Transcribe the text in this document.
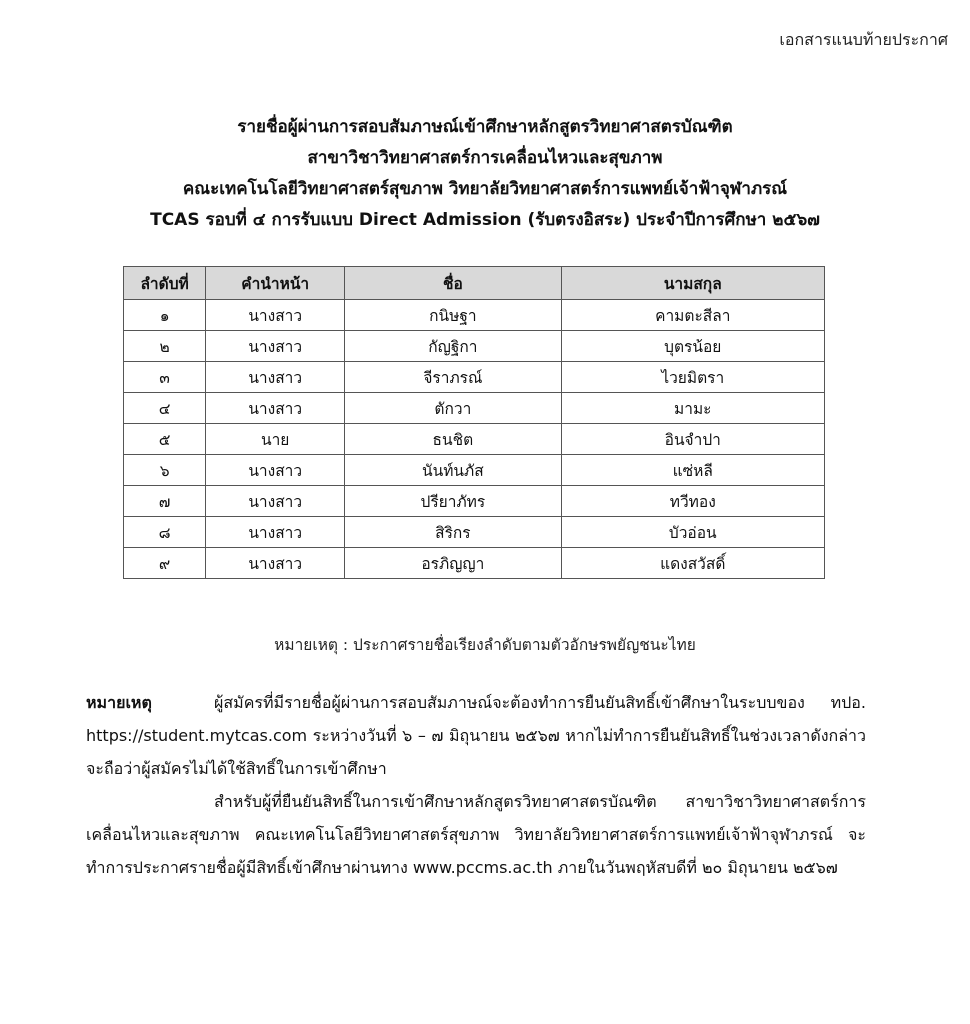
เอกสารแนบท้ายประกาศ
รายชื่อผู้ผ่านการสอบสัมภาษณ์เข้าศึกษาหลักสูตรวิทยาศาสตรบัณฑิต
สาขาวิชาวิทยาศาสตร์การเคลื่อนไหวและสุขภาพ
คณะเทคโนโลยีวิทยาศาสตร์สุขภาพ วิทยาลัยวิทยาศาสตร์การแพทย์เจ้าฟ้าจุฬาภรณ์
TCAS รอบที่ ๔ การรับแบบ Direct Admission (รับตรงอิสระ) ประจำปีการศึกษา ๒๕๖๗
ลำดับที่	คำนำหน้า	ชื่อ	นามสกุล
๑	นางสาว	กนิษฐา	คามตะสีลา
๒	นางสาว	กัญฐิกา	บุตรน้อย
๓	นางสาว	จีราภรณ์	ไวยมิตรา
๔	นางสาว	ตักวา	มามะ
๕	นาย	ธนชิต	อินจำปา
๖	นางสาว	นันท์นภัส	แซ่หลี
๗	นางสาว	ปรียาภัทร	ทวีทอง
๘	นางสาว	สิริกร	บัวอ่อน
๙	นางสาว	อรภิญญา	แดงสวัสดิ์
หมายเหตุ : ประกาศรายชื่อเรียงลำดับตามตัวอักษรพยัญชนะไทย

หมายเหตุ	ผู้สมัครที่มีรายชื่อผู้ผ่านการสอบสัมภาษณ์จะต้องทำการยืนยันสิทธิ์เข้าศึกษาในระบบของ ทปอ. https://student.mytcas.com ระหว่างวันที่ ๖ – ๗ มิถุนายน ๒๕๖๗ หากไม่ทำการยืนยันสิทธิ์ในช่วงเวลาดังกล่าว จะถือว่าผู้สมัครไม่ได้ใช้สิทธิ์ในการเข้าศึกษา

สำหรับผู้ที่ยืนยันสิทธิ์ในการเข้าศึกษาหลักสูตรวิทยาศาสตรบัณฑิต สาขาวิชาวิทยาศาสตร์การเคลื่อนไหวและสุขภาพ คณะเทคโนโลยีวิทยาศาสตร์สุขภาพ วิทยาลัยวิทยาศาสตร์การแพทย์เจ้าฟ้าจุฬาภรณ์ จะทำการประกาศรายชื่อผู้มีสิทธิ์เข้าศึกษาผ่านทาง www.pccms.ac.th ภายในวันพฤหัสบดีที่ ๒๐ มิถุนายน ๒๕๖๗
